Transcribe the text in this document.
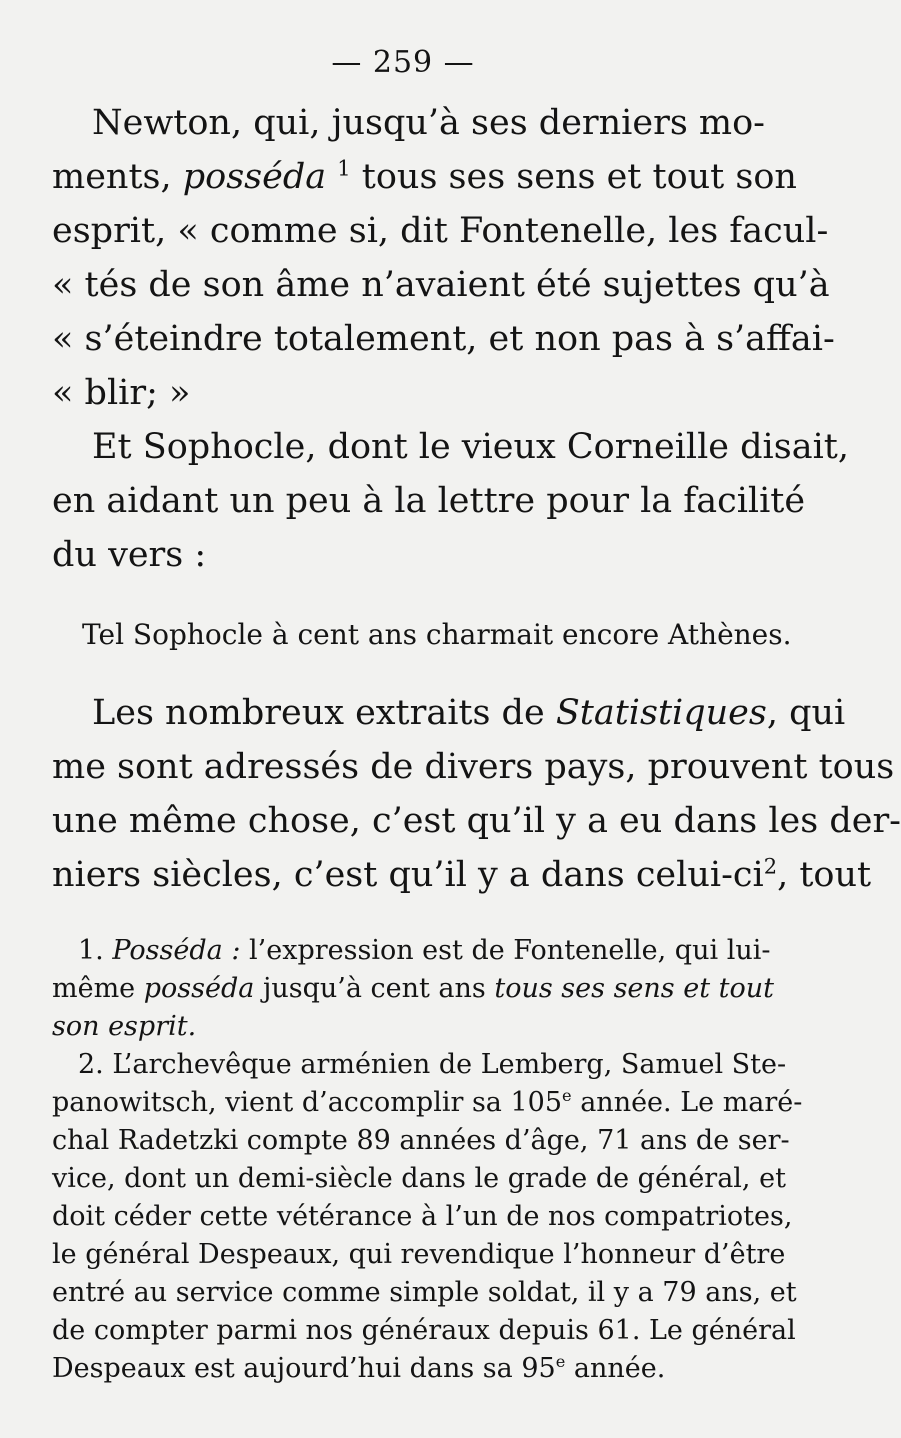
— 259 —
Newton, qui, jusqu’à ses derniers mo-
ments, posséda $^1$ tous ses sens et tout son
esprit, « comme si, dit Fontenelle, les facul-
« tés de son âme n’avaient été sujettes qu’à
« s’éteindre totalement, et non pas à s’affai-
« blir; »
Et Sophocle, dont le vieux Corneille disait,
en aidant un peu à la lettre pour la facilité
du vers :
Tel Sophocle à cent ans charmait encore Athènes.
Les nombreux extraits de Statistiques, qui
me sont adressés de divers pays, prouvent tous
une même chose, c’est qu’il y a eu dans les der-
niers siècles, c’est qu’il y a dans celui-$ci^2$, tout
1. Posséda : l’expression est de Fontenelle, qui lui-
même posséda jusqu’à cent ans tous ses sens et tout
son esprit.
2. L’archevêque arménien de Lemberg, Samuel Ste-
panowitsch, vient d’accomplir sa 105e année. Le maré-
chal Radetzki compte 89 années d’âge, 71 ans de ser-
vice, dont un demi-siècle dans le grade de général, et
doit céder cette vétérance à l’un de nos compatriotes,
le général Despeaux, qui revendique l’honneur d’être
entré au service comme simple soldat, il y a 79 ans, et
de compter parmi nos généraux depuis 61. Le général
Despeaux est aujourd’hui dans sa 95e année.
